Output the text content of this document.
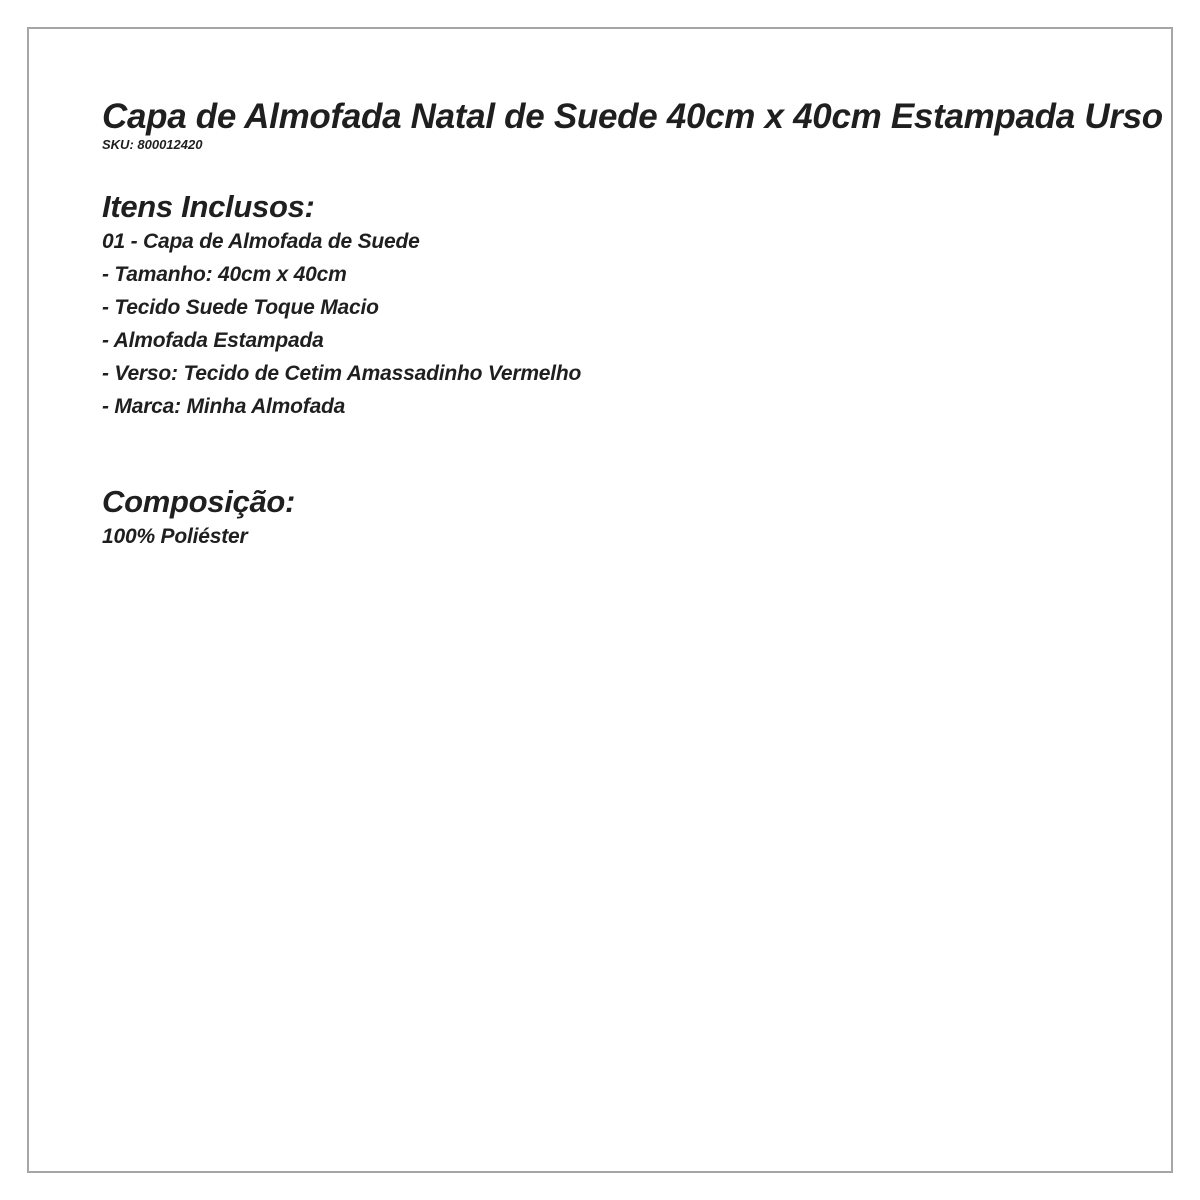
Capa de Almofada Natal de Suede 40cm x 40cm Estampada Urso

SKU: 800012420

Itens Inclusos:
01 - Capa de Almofada de Suede
- Tamanho: 40cm x 40cm
- Tecido Suede Toque Macio
- Almofada Estampada
- Verso: Tecido de Cetim Amassadinho Vermelho
- Marca: Minha Almofada
Composição:

100% Poliéster
